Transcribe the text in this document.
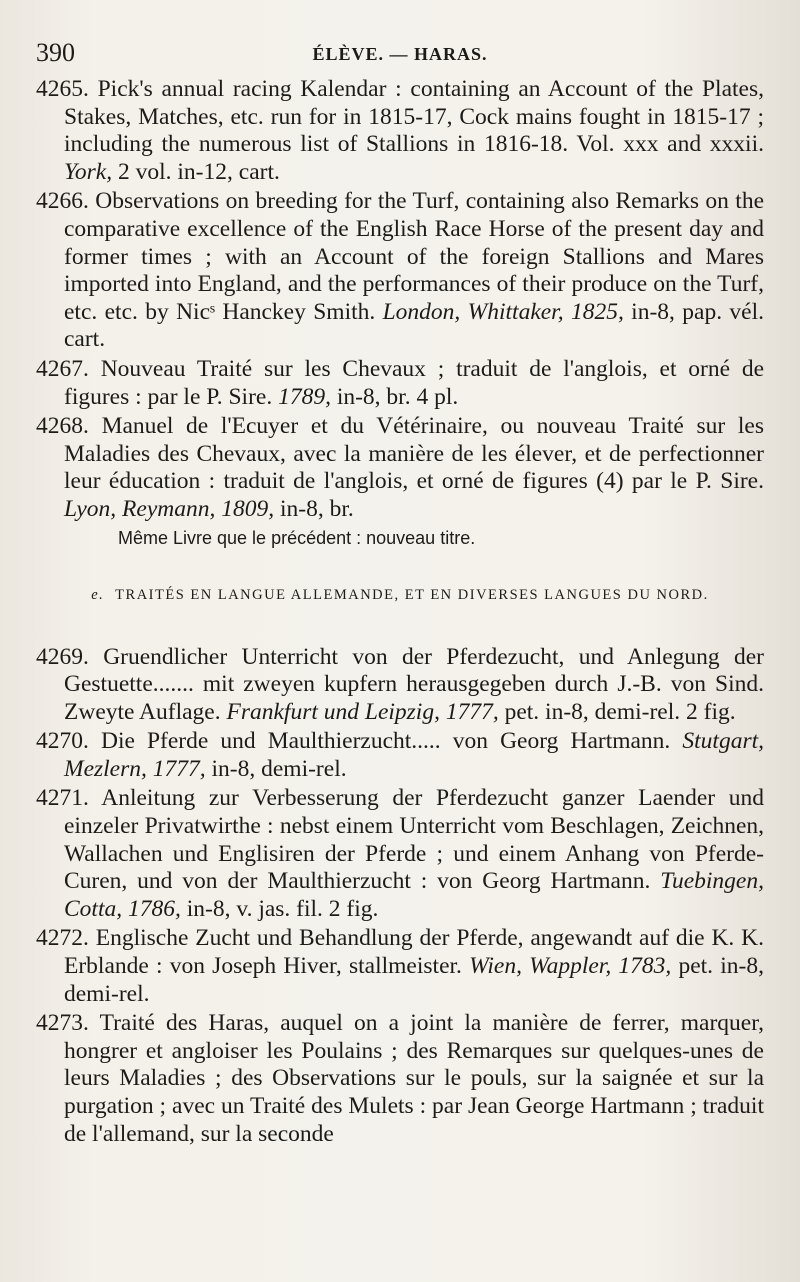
390	ÉLÈVE. — HARAS.

4265. Pick's annual racing Kalendar : containing an Account of the Plates, Stakes, Matches, etc. run for in 1815-17, Cock mains fought in 1815-17 ; including the numerous list of Stallions in 1816-18. Vol. xxx and xxxii. York, 2 vol. in-12, cart.

4266. Observations on breeding for the Turf, containing also Remarks on the comparative excellence of the English Race Horse of the present day and former times ; with an Account of the foreign Stallions and Mares imported into England, and the performances of their produce on the Turf, etc. etc. by Nicˢ Hanckey Smith. London, Whittaker, 1825, in-8, pap. vél. cart.

4267. Nouveau Traité sur les Chevaux ; traduit de l'anglois, et orné de figures : par le P. Sire. 1789, in-8, br. 4 pl.

4268. Manuel de l'Ecuyer et du Vétérinaire, ou nouveau Traité sur les Maladies des Chevaux, avec la manière de les élever, et de perfectionner leur éducation : traduit de l'anglois, et orné de figures (4) par le P. Sire. Lyon, Reymann, 1809, in-8, br.

Même Livre que le précédent : nouveau titre.
e. TRAITÉS EN LANGUE ALLEMANDE, ET EN DIVERSES LANGUES DU NORD.

4269. Gruendlicher Unterricht von der Pferdezucht, und Anlegung der Gestuette....... mit zweyen kupfern herausgegeben durch J.-B. von Sind. Zweyte Auflage. Frankfurt und Leipzig, 1777, pet. in-8, demi-rel. 2 fig.

4270. Die Pferde und Maulthierzucht..... von Georg Hartmann. Stutgart, Mezlern, 1777, in-8, demi-rel.

4271. Anleitung zur Verbesserung der Pferdezucht ganzer Laender und einzeler Privatwirthe : nebst einem Unterricht vom Beschlagen, Zeichnen, Wallachen und Englisiren der Pferde ; und einem Anhang von Pferde-Curen, und von der Maulthierzucht : von Georg Hartmann. Tuebingen, Cotta, 1786, in-8, v. jas. fil. 2 fig.

4272. Englische Zucht und Behandlung der Pferde, angewandt auf die K. K. Erblande : von Joseph Hiver, stallmeister. Wien, Wappler, 1783, pet. in-8, demi-rel.

4273. Traité des Haras, auquel on a joint la manière de ferrer, marquer, hongrer et angloiser les Poulains ; des Remarques sur quelques-unes de leurs Maladies ; des Observations sur le pouls, sur la saignée et sur la purgation ; avec un Traité des Mulets : par Jean George Hartmann ; traduit de l'allemand, sur la seconde
